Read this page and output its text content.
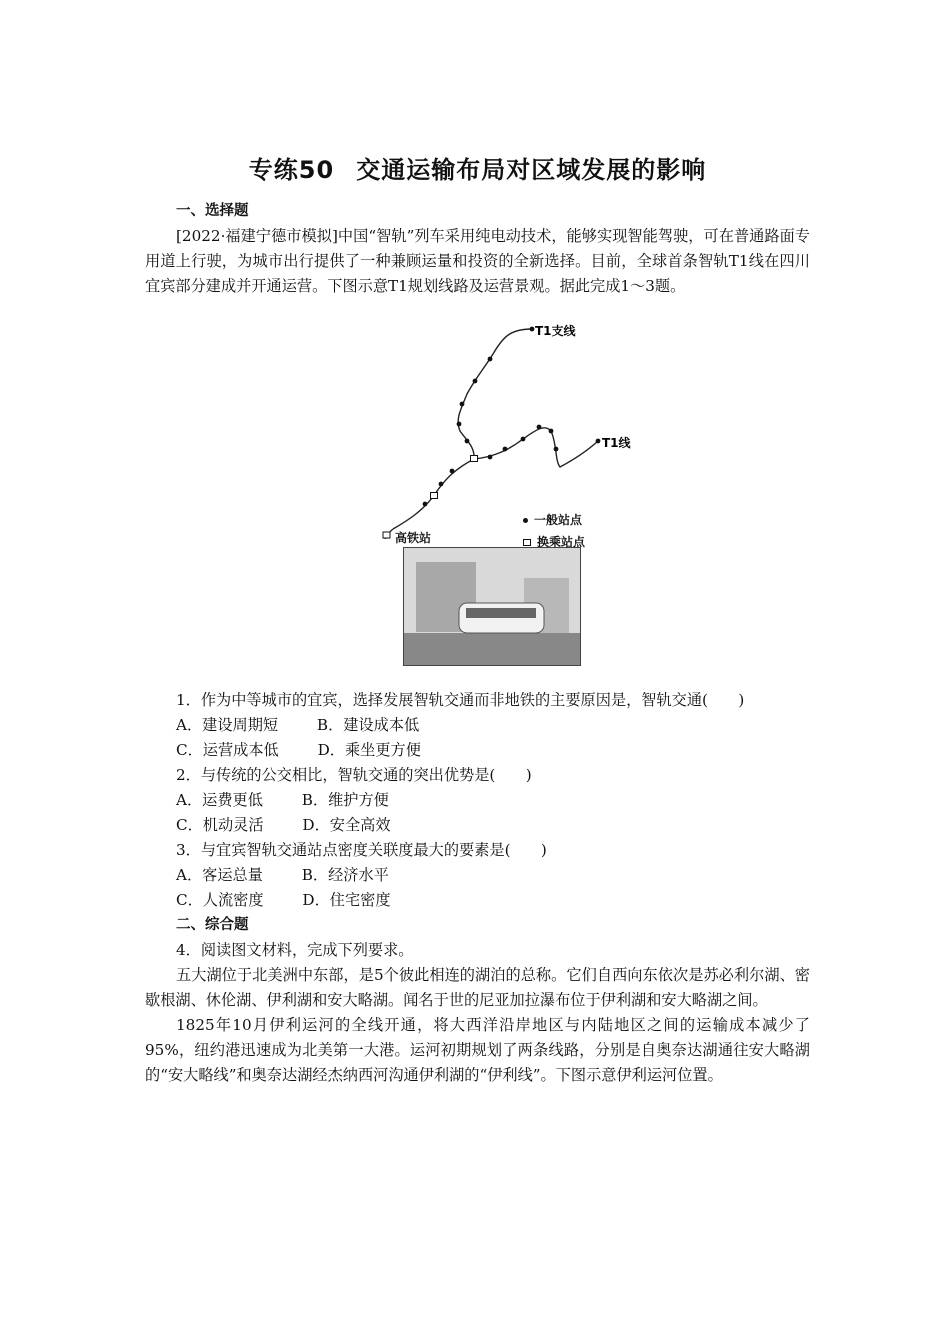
专练50 交通运输布局对区域发展的影响
一、选择题

[2022·福建宁德市模拟]中国“智轨”列车采用纯电动技术，能够实现智能驾驶，可在普通路面专用道上行驶，为城市出行提供了一种兼顾运量和投资的全新选择。目前，全球首条智轨T1线在四川宜宾部分建成并开通运营。下图示意T1规划线路及运营景观。据此完成1～3题。

T1支线
T1线
1．作为中等城市的宜宾，选择发展智轨交通而非地铁的主要原因是，智轨交通(　　)
A．建设周期短	B．建设成本低
C．运营成本低	D．乘坐更方便
2．与传统的公交相比，智轨交通的突出优势是(　　)
A．运费更低	B．维护方便
C．机动灵活	D．安全高效
3．与宜宾智轨交通站点密度关联度最大的要素是(　　)
A．客运总量	B．经济水平
C．人流密度	D．住宅密度
二、综合题
4．阅读图文材料，完成下列要求。

五大湖位于北美洲中东部，是5个彼此相连的湖泊的总称。它们自西向东依次是苏必利尔湖、密歇根湖、休伦湖、伊利湖和安大略湖。闻名于世的尼亚加拉瀑布位于伊利湖和安大略湖之间。

1825年10月伊利运河的全线开通，将大西洋沿岸地区与内陆地区之间的运输成本减少了95%，纽约港迅速成为北美第一大港。运河初期规划了两条线路，分别是自奥奈达湖通往安大略湖的“安大略线”和奥奈达湖经杰纳西河沟通伊利湖的“伊利线”。下图示意伊利运河位置。

高铁站
一般站点
换乘站点
